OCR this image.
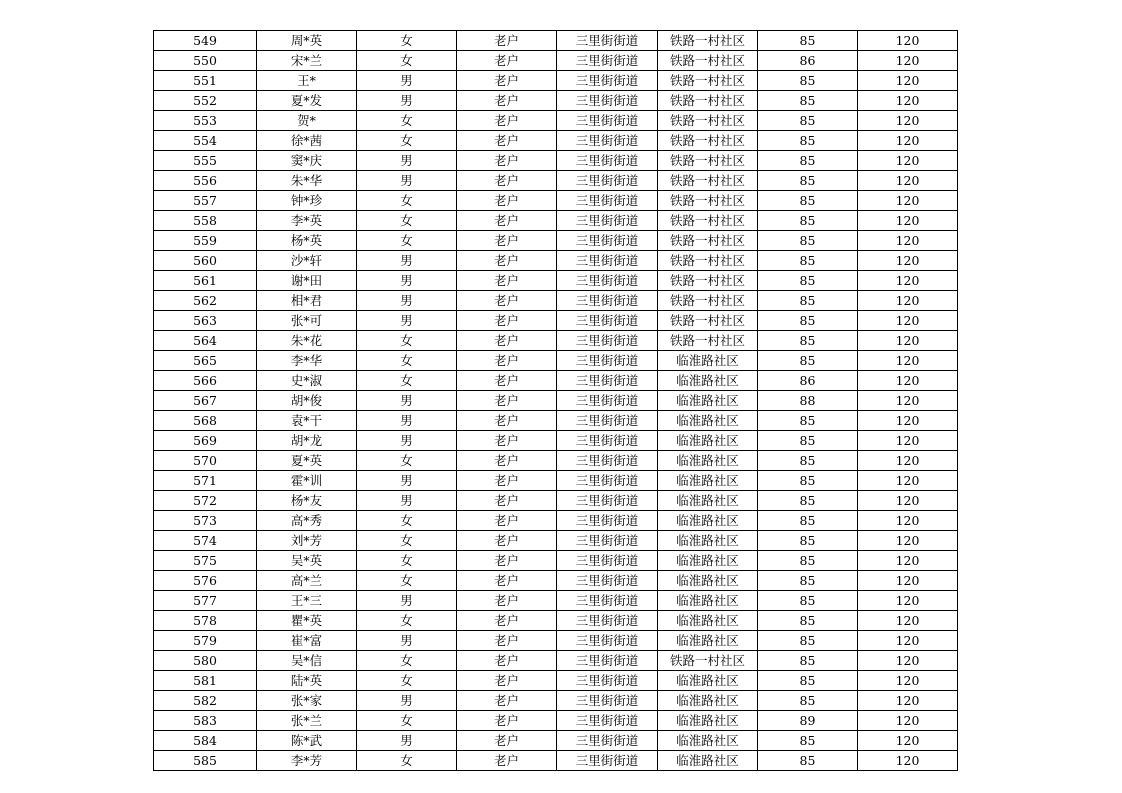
549	周*英	女	老户	三里街街道	铁路一村社区	85	120
550	宋*兰	女	老户	三里街街道	铁路一村社区	86	120
551	王*	男	老户	三里街街道	铁路一村社区	85	120
552	夏*发	男	老户	三里街街道	铁路一村社区	85	120
553	贺*	女	老户	三里街街道	铁路一村社区	85	120
554	徐*茜	女	老户	三里街街道	铁路一村社区	85	120
555	窦*庆	男	老户	三里街街道	铁路一村社区	85	120
556	朱*华	男	老户	三里街街道	铁路一村社区	85	120
557	钟*珍	女	老户	三里街街道	铁路一村社区	85	120
558	李*英	女	老户	三里街街道	铁路一村社区	85	120
559	杨*英	女	老户	三里街街道	铁路一村社区	85	120
560	沙*轩	男	老户	三里街街道	铁路一村社区	85	120
561	谢*田	男	老户	三里街街道	铁路一村社区	85	120
562	相*君	男	老户	三里街街道	铁路一村社区	85	120
563	张*可	男	老户	三里街街道	铁路一村社区	85	120
564	朱*花	女	老户	三里街街道	铁路一村社区	85	120
565	李*华	女	老户	三里街街道	临淮路社区	85	120
566	史*淑	女	老户	三里街街道	临淮路社区	86	120
567	胡*俊	男	老户	三里街街道	临淮路社区	88	120
568	袁*干	男	老户	三里街街道	临淮路社区	85	120
569	胡*龙	男	老户	三里街街道	临淮路社区	85	120
570	夏*英	女	老户	三里街街道	临淮路社区	85	120
571	霍*训	男	老户	三里街街道	临淮路社区	85	120
572	杨*友	男	老户	三里街街道	临淮路社区	85	120
573	高*秀	女	老户	三里街街道	临淮路社区	85	120
574	刘*芳	女	老户	三里街街道	临淮路社区	85	120
575	吴*英	女	老户	三里街街道	临淮路社区	85	120
576	高*兰	女	老户	三里街街道	临淮路社区	85	120
577	王*三	男	老户	三里街街道	临淮路社区	85	120
578	瞿*英	女	老户	三里街街道	临淮路社区	85	120
579	崔*富	男	老户	三里街街道	临淮路社区	85	120
580	吴*信	女	老户	三里街街道	铁路一村社区	85	120
581	陆*英	女	老户	三里街街道	临淮路社区	85	120
582	张*家	男	老户	三里街街道	临淮路社区	85	120
583	张*兰	女	老户	三里街街道	临淮路社区	89	120
584	陈*武	男	老户	三里街街道	临淮路社区	85	120
585	李*芳	女	老户	三里街街道	临淮路社区	85	120
